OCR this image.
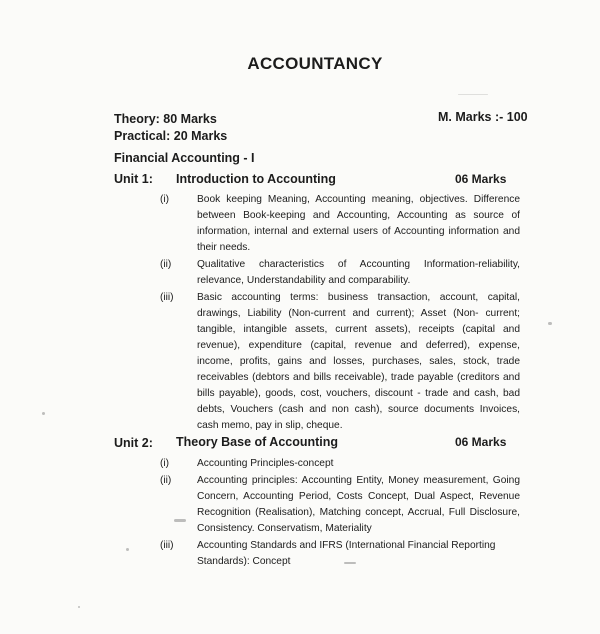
ACCOUNTANCY
Theory: 80 Marks
Practical: 20 Marks
M. Marks :- 100
Financial Accounting - I
Unit 1: Introduction to Accounting	06 Marks
(i)	Book keeping Meaning, Accounting meaning, objectives. Difference between Book-keeping and Accounting, Accounting as source of information, internal and external users of Accounting information and their needs.
(ii)	Qualitative characteristics of Accounting Information-reliability, relevance, Understandability and comparability.
(iii)	Basic accounting terms: business transaction, account, capital, drawings, Liability (Non-current and current); Asset (Non- current; tangible, intangible assets, current assets), receipts (capital and revenue), expenditure (capital, revenue and deferred), expense, income, profits, gains and losses, purchases, sales, stock, trade receivables (debtors and bills receivable), trade payable (creditors and bills payable), goods, cost, vouchers, discount - trade and cash, bad debts, Vouchers (cash and non cash), source documents Invoices, cash memo, pay in slip, cheque.
Unit 2: Theory Base of Accounting	06 Marks
(i)	Accounting Principles-concept
(ii)	Accounting principles: Accounting Entity, Money measurement, Going Concern, Accounting Period, Costs Concept, Dual Aspect, Revenue Recognition (Realisation), Matching concept, Accrual, Full Disclosure, Consistency. Conservatism, Materiality
(iii)	Accounting Standards and IFRS (International Financial Reporting Standards): Concept
